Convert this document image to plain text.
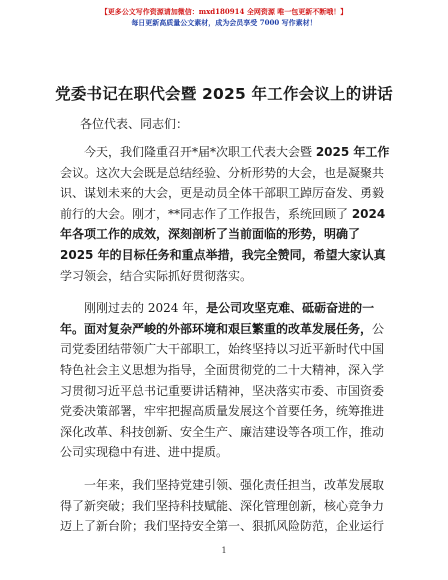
【更多公文写作资源请加微信：mxd180914 全网资源 唯一包更新不断哦！】
每日更新高质量公文素材，成为会员享受 7000 写作素材！
党委书记在职代会暨 2025 年工作会议上的讲话
各位代表、同志们：
今天，我们隆重召开*届*次职工代表大会暨 2025 年工作
会议。这次大会既是总结经验、分析形势的大会，也是凝聚共
识、谋划未来的大会，更是动员全体干部职工踔厉奋发、勇毅
前行的大会。刚才，**同志作了工作报告，系统回顾了 2024
年各项工作的成效，深刻剖析了当前面临的形势，明确了
2025 年的目标任务和重点举措，我完全赞同，希望大家认真
学习领会，结合实际抓好贯彻落实。
刚刚过去的 2024 年，是公司攻坚克难、砥砺奋进的一
年。面对复杂严峻的外部环境和艰巨繁重的改革发展任务，公
司党委团结带领广大干部职工，始终坚持以习近平新时代中国
特色社会主义思想为指导，全面贯彻党的二十大精神，深入学
习贯彻习近平总书记重要讲话精神，坚决落实市委、市国资委
党委决策部署，牢牢把握高质量发展这个首要任务，统筹推进
深化改革、科技创新、安全生产、廉洁建设等各项工作，推动
公司实现稳中有进、进中提质。
一年来，我们坚持党建引领、强化责任担当，改革发展取
得了新突破；我们坚持科技赋能、深化管理创新，核心竞争力
迈上了新台阶；我们坚持安全第一、狠抓风险防范，企业运行
1
